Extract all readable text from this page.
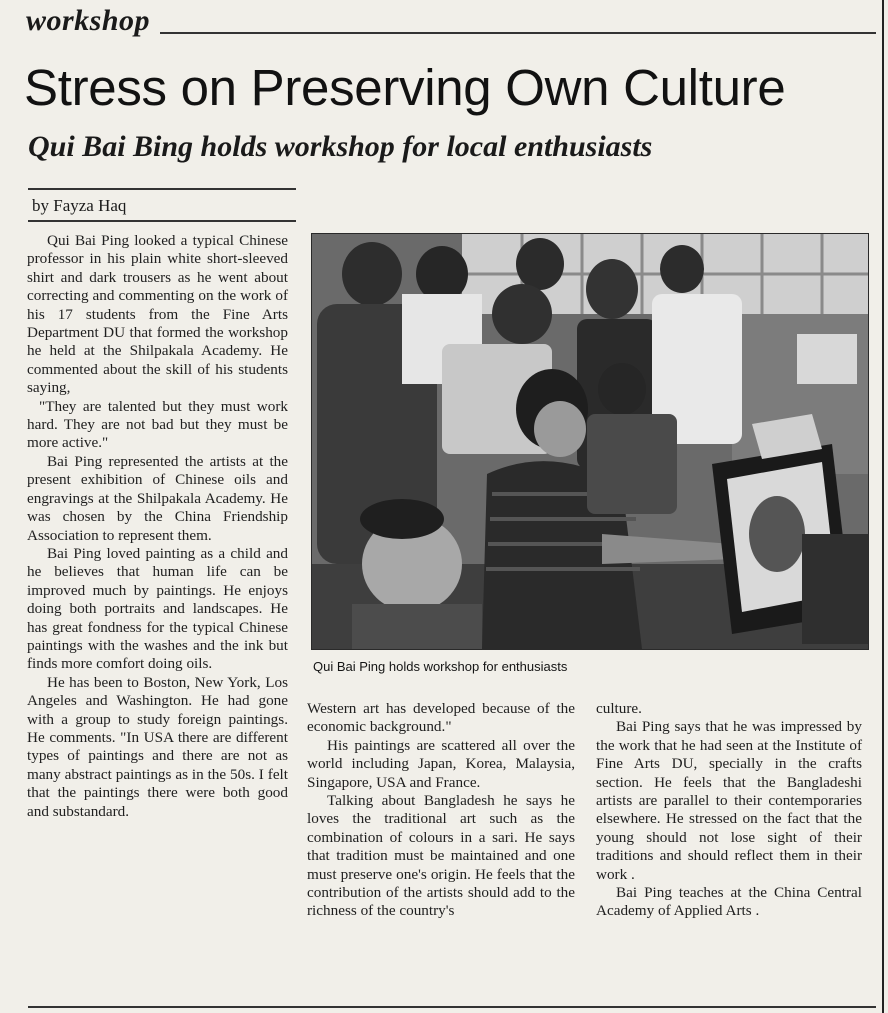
workshop
Stress on Preserving Own Culture
Qui Bai Bing holds workshop for local enthusiasts
by Fayza Haq

Qui Bai Ping looked a typical Chinese professor in his plain white short-sleeved shirt and dark trousers as he went about correcting and commenting on the work of his 17 students from the Fine Arts Department DU that formed the workshop he held at the Shilpakala Academy. He commented about the skill of his students saying,

"They are talented but they must work hard. They are not bad but they must be more active."

Bai Ping represented the artists at the present exhibition of Chinese oils and engravings at the Shilpakala Academy. He was chosen by the China Friendship Association to represent them.

Bai Ping loved painting as a child and he believes that human life can be improved much by paintings. He enjoys doing both portraits and landscapes. He has great fondness for the typical Chinese paintings with the washes and the ink but finds more comfort doing oils.

He has been to Boston, New York, Los Angeles and Washington. He had gone with a group to study foreign paintings. He comments. "In USA there are different types of paintings and there are not as many abstract paintings as in the 50s. I felt that the paintings there were both good and substandard.

Qui Bai Ping holds workshop for enthusiasts

Western art has developed because of the economic background."

His paintings are scattered all over the world including Japan, Korea, Malaysia, Singapore, USA and France.

Talking about Bangladesh he says he loves the traditional art such as the combination of colours in a sari. He says that tradition must be maintained and one must preserve one's origin. He feels that the contribution of the artists should add to the richness of the country's

culture.

Bai Ping says that he was impressed by the work that he had seen at the Institute of Fine Arts DU, specially in the crafts section. He feels that the Bangladeshi artists are parallel to their contemporaries elsewhere. He stressed on the fact that the young should not lose sight of their traditions and should reflect them in their work .

Bai Ping teaches at the China Central Academy of Applied Arts .
